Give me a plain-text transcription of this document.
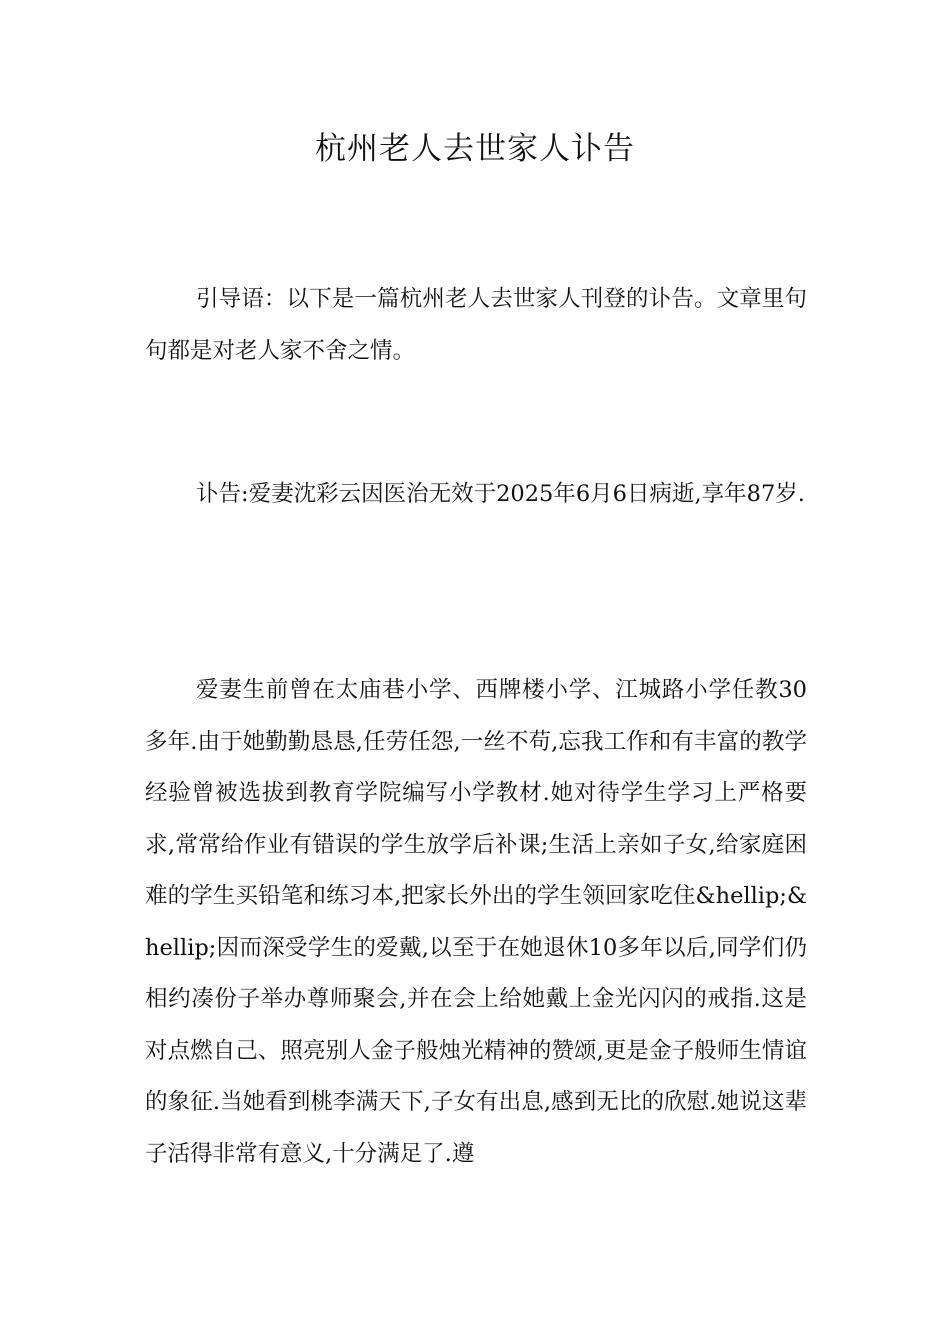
杭州老人去世家人讣告

引导语：以下是一篇杭州老人去世家人刊登的讣告。文章里句句都是对老人家不舍之情。

讣告:爱妻沈彩云因医治无效于2025年6月6日病逝,享年87岁.

爱妻生前曾在太庙巷小学、西牌楼小学、江城路小学任教30多年.由于她勤勤恳恳,任劳任怨,一丝不苟,忘我工作和有丰富的教学经验曾被选拔到教育学院编写小学教材.她对待学生学习上严格要求,常常给作业有错误的学生放学后补课;生活上亲如子女,给家庭困难的学生买铅笔和练习本,把家长外出的学生领回家吃住&hellip;&hellip;因而深受学生的爱戴,以至于在她退休10多年以后,同学们仍相约凑份子举办尊师聚会,并在会上给她戴上金光闪闪的戒指.这是对点燃自己、照亮别人金子般烛光精神的赞颂,更是金子般师生情谊的象征.当她看到桃李满天下,子女有出息,感到无比的欣慰.她说这辈子活得非常有意义,十分满足了.遵
